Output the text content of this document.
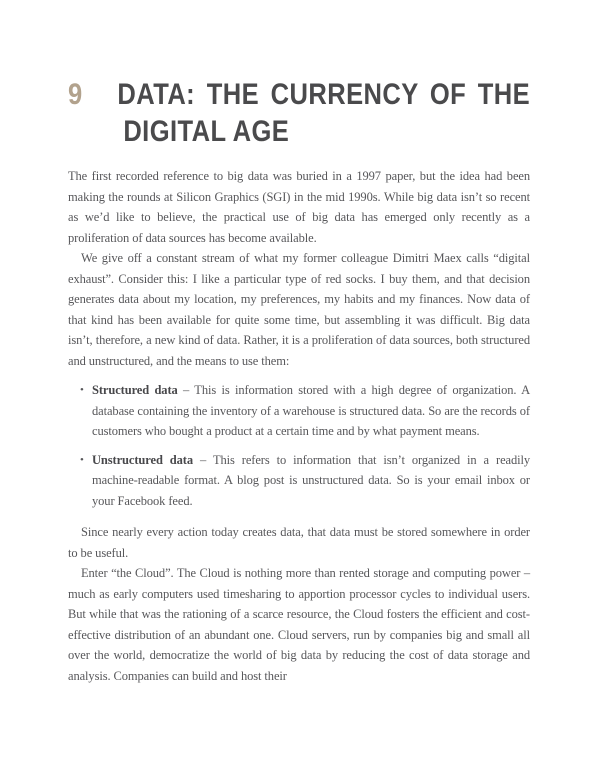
9	DATA: THE CURRENCY OF THE
DIGITAL AGE

The first recorded reference to big data was buried in a 1997 paper, but the idea had been making the rounds at Silicon Graphics (SGI) in the mid 1990s. While big data isn’t so recent as we’d like to believe, the practical use of big data has emerged only recently as a proliferation of data sources has become available.

We give off a constant stream of what my former colleague Dimitri Maex calls “digital exhaust”. Consider this: I like a particular type of red socks. I buy them, and that decision generates data about my location, my preferences, my habits and my finances. Now data of that kind has been available for quite some time, but assembling it was difficult. Big data isn’t, therefore, a new kind of data. Rather, it is a proliferation of data sources, both structured and unstructured, and the means to use them:

• Structured data – This is information stored with a high degree of organization. A database containing the inventory of a warehouse is structured data. So are the records of customers who bought a product at a certain time and by what payment means.

• Unstructured data – This refers to information that isn’t organized in a readily machine-readable format. A blog post is unstructured data. So is your email inbox or your Facebook feed.

Since nearly every action today creates data, that data must be stored somewhere in order to be useful.

Enter “the Cloud”. The Cloud is nothing more than rented storage and computing power – much as early computers used timesharing to apportion processor cycles to individual users. But while that was the rationing of a scarce resource, the Cloud fosters the efficient and cost-effective distribution of an abundant one. Cloud servers, run by companies big and small all over the world, democratize the world of big data by reducing the cost of data storage and analysis. Companies can build and host their
